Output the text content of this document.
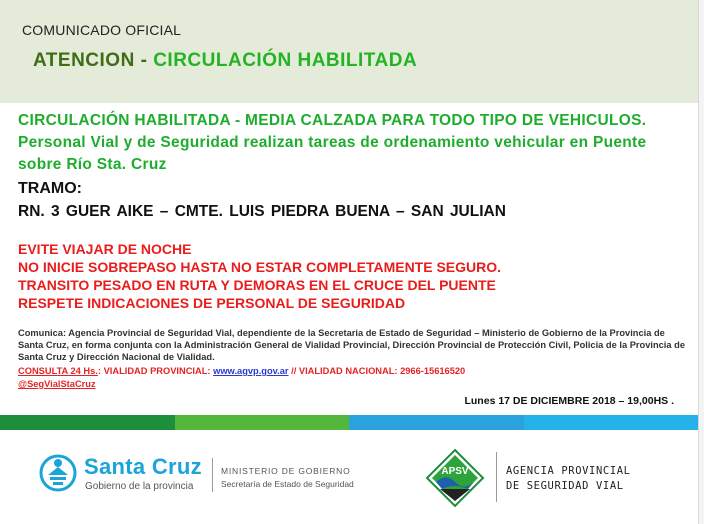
COMUNICADO OFICIAL
ATENCION - CIRCULACIÓN HABILITADA
CIRCULACIÓN HABILITADA - MEDIA CALZADA PARA TODO TIPO DE VEHICULOS. Personal Vial y de Seguridad realizan tareas de ordenamiento vehicular en Puente sobre Río Sta. Cruz
TRAMO:
RN. 3 GUER AIKE – CMTE. LUIS PIEDRA BUENA – SAN JULIAN
EVITE VIAJAR DE NOCHE
NO INICIE SOBREPASO HASTA NO ESTAR COMPLETAMENTE SEGURO.
TRANSITO PESADO EN RUTA Y DEMORAS EN EL CRUCE DEL PUENTE
RESPETE INDICACIONES DE PERSONAL DE SEGURIDAD
Comunica: Agencia Provincial de Seguridad Vial, dependiente de la Secretaria de Estado de Seguridad – Ministerio de Gobierno de la Provincia de Santa Cruz, en forma conjunta con la Administración General de Vialidad Provincial, Dirección Provincial de Protección Civil, Policia de la Provincia de Santa Cruz y Dirección Nacional de Vialidad.
CONSULTA 24 Hs.: VIALIDAD PROVINCIAL: www.agvp.gov.ar // VIALIDAD NACIONAL: 2966-15616520
@SegVialStaCruz
Lunes 17 DE DICIEMBRE 2018 – 19,00HS .
Santa Cruz
Gobierno de la provincia
MINISTERIO DE GOBIERNO
Secretaría de Estado de Seguridad
APSV	AGENCIA PROVINCIAL
DE SEGURIDAD VIAL
